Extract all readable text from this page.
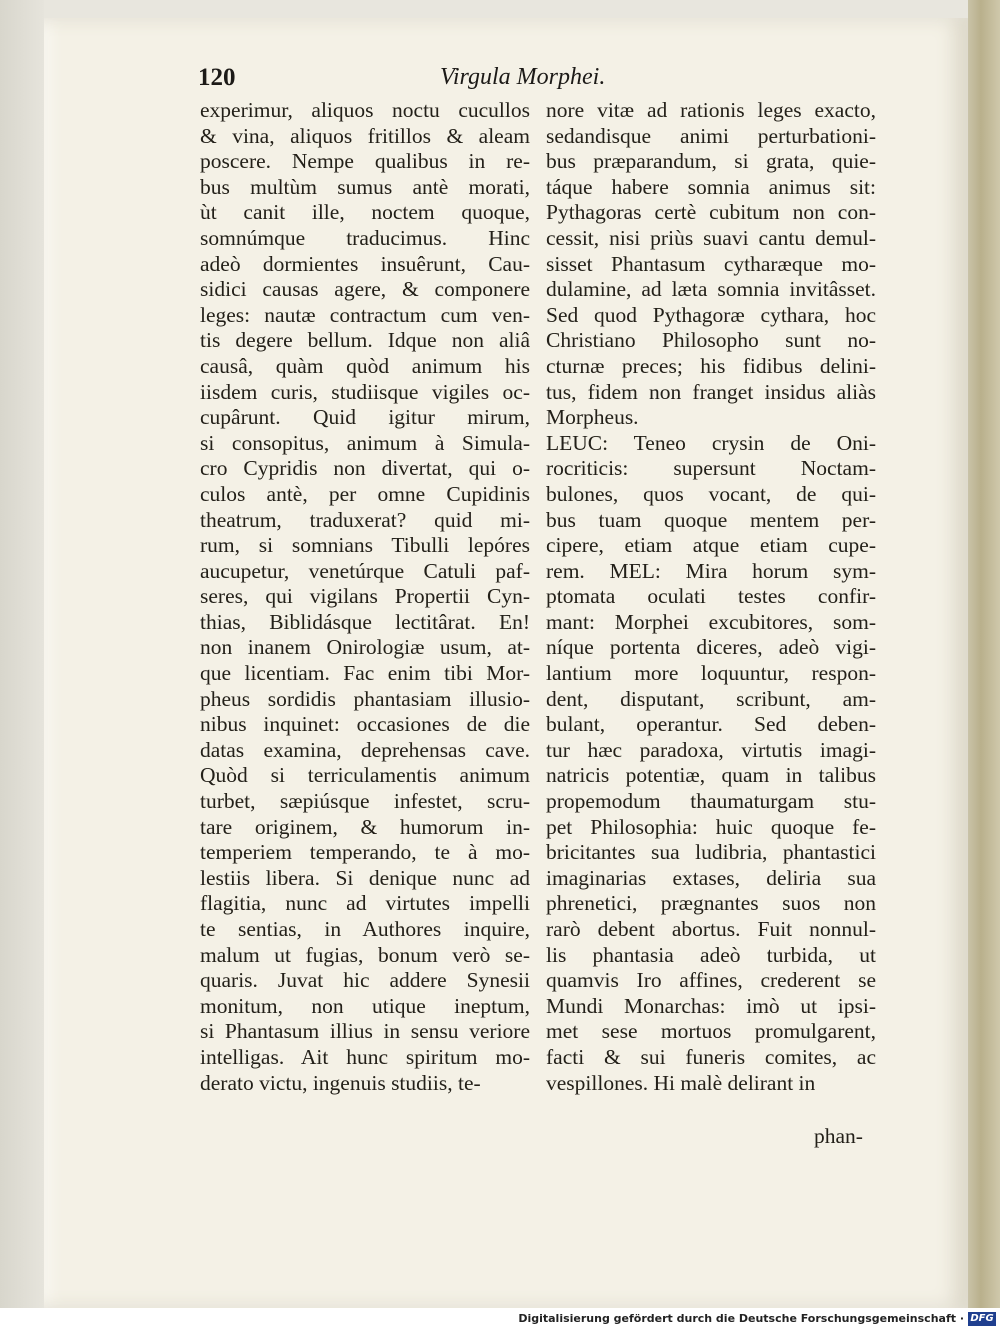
120	Virgula Morphei.
experimur, aliquos noctu cucullos
& vina, aliquos fritillos & aleam
poscere. Nempe qualibus in re-
bus multùm sumus antè morati,
ùt canit ille, noctem quoque,
somnúmque traducimus. Hinc
adeò dormientes insuêrunt, Cau-
sidici causas agere, & componere
leges: nautæ contractum cum ven-
tis degere bellum. Idque non aliâ
causâ, quàm quòd animum his
iisdem curis, studiisque vigiles oc-
cupârunt. Quid igitur mirum,
si consopitus, animum à Simula-
cro Cypridis non divertat, qui o-
culos antè, per omne Cupidinis
theatrum, traduxerat? quid mi-
rum, si somnians Tibulli lepóres
aucupetur, venetúrque Catuli paf-
seres, qui vigilans Propertii Cyn-
thias, Biblidásque lectitârat. En!
non inanem Onirologiæ usum, at-
que licentiam. Fac enim tibi Mor-
pheus sordidis phantasiam illusio-
nibus inquinet: occasiones de die
datas examina, deprehensas cave.
Quòd si terriculamentis animum
turbet, sæpiúsque infestet, scru-
tare originem, & humorum in-
temperiem temperando, te à mo-
lestiis libera. Si denique nunc ad
flagitia, nunc ad virtutes impelli
te sentias, in Authores inquire,
malum ut fugias, bonum verò se-
quaris. Juvat hic addere Synesii
monitum, non utique ineptum,
si Phantasum illius in sensu veriore
intelligas. Ait hunc spiritum mo-
derato victu, ingenuis studiis, te-
nore vitæ ad rationis leges exacto,
sedandisque animi perturbationi-
bus præparandum, si grata, quie-
táque habere somnia animus sit:
Pythagoras certè cubitum non con-
cessit, nisi priùs suavi cantu demul-
sisset Phantasum cytharæque mo-
dulamine, ad læta somnia invitâsset.
Sed quod Pythagoræ cythara, hoc
Christiano Philosopho sunt no-
cturnæ preces; his fidibus delini-
tus, fidem non franget insidus aliàs
Morpheus.
LEUC: Teneo crysin de Oni-
rocriticis: supersunt Noctam-
bulones, quos vocant, de qui-
bus tuam quoque mentem per-
cipere, etiam atque etiam cupe-
rem. MEL: Mira horum sym-
ptomata oculati testes confir-
mant: Morphei excubitores, som-
níque portenta diceres, adeò vigi-
lantium more loquuntur, respon-
dent, disputant, scribunt, am-
bulant, operantur. Sed deben-
tur hæc paradoxa, virtutis imagi-
natricis potentiæ, quam in talibus
propemodum thaumaturgam stu-
pet Philosophia: huic quoque fe-
bricitantes sua ludibria, phantastici
imaginarias extases, deliria sua
phrenetici, prægnantes suos non
rarò debent abortus. Fuit nonnul-
lis phantasia adeò turbida, ut
quamvis Iro affines, crederent se
Mundi Monarchas: imò ut ipsi-
met sese mortuos promulgarent,
facti & sui funeris comites, ac
vespillones. Hi malè delirant in
phan-
Digitalisierung gefördert durch die Deutsche Forschungsgemeinschaft · DFG
